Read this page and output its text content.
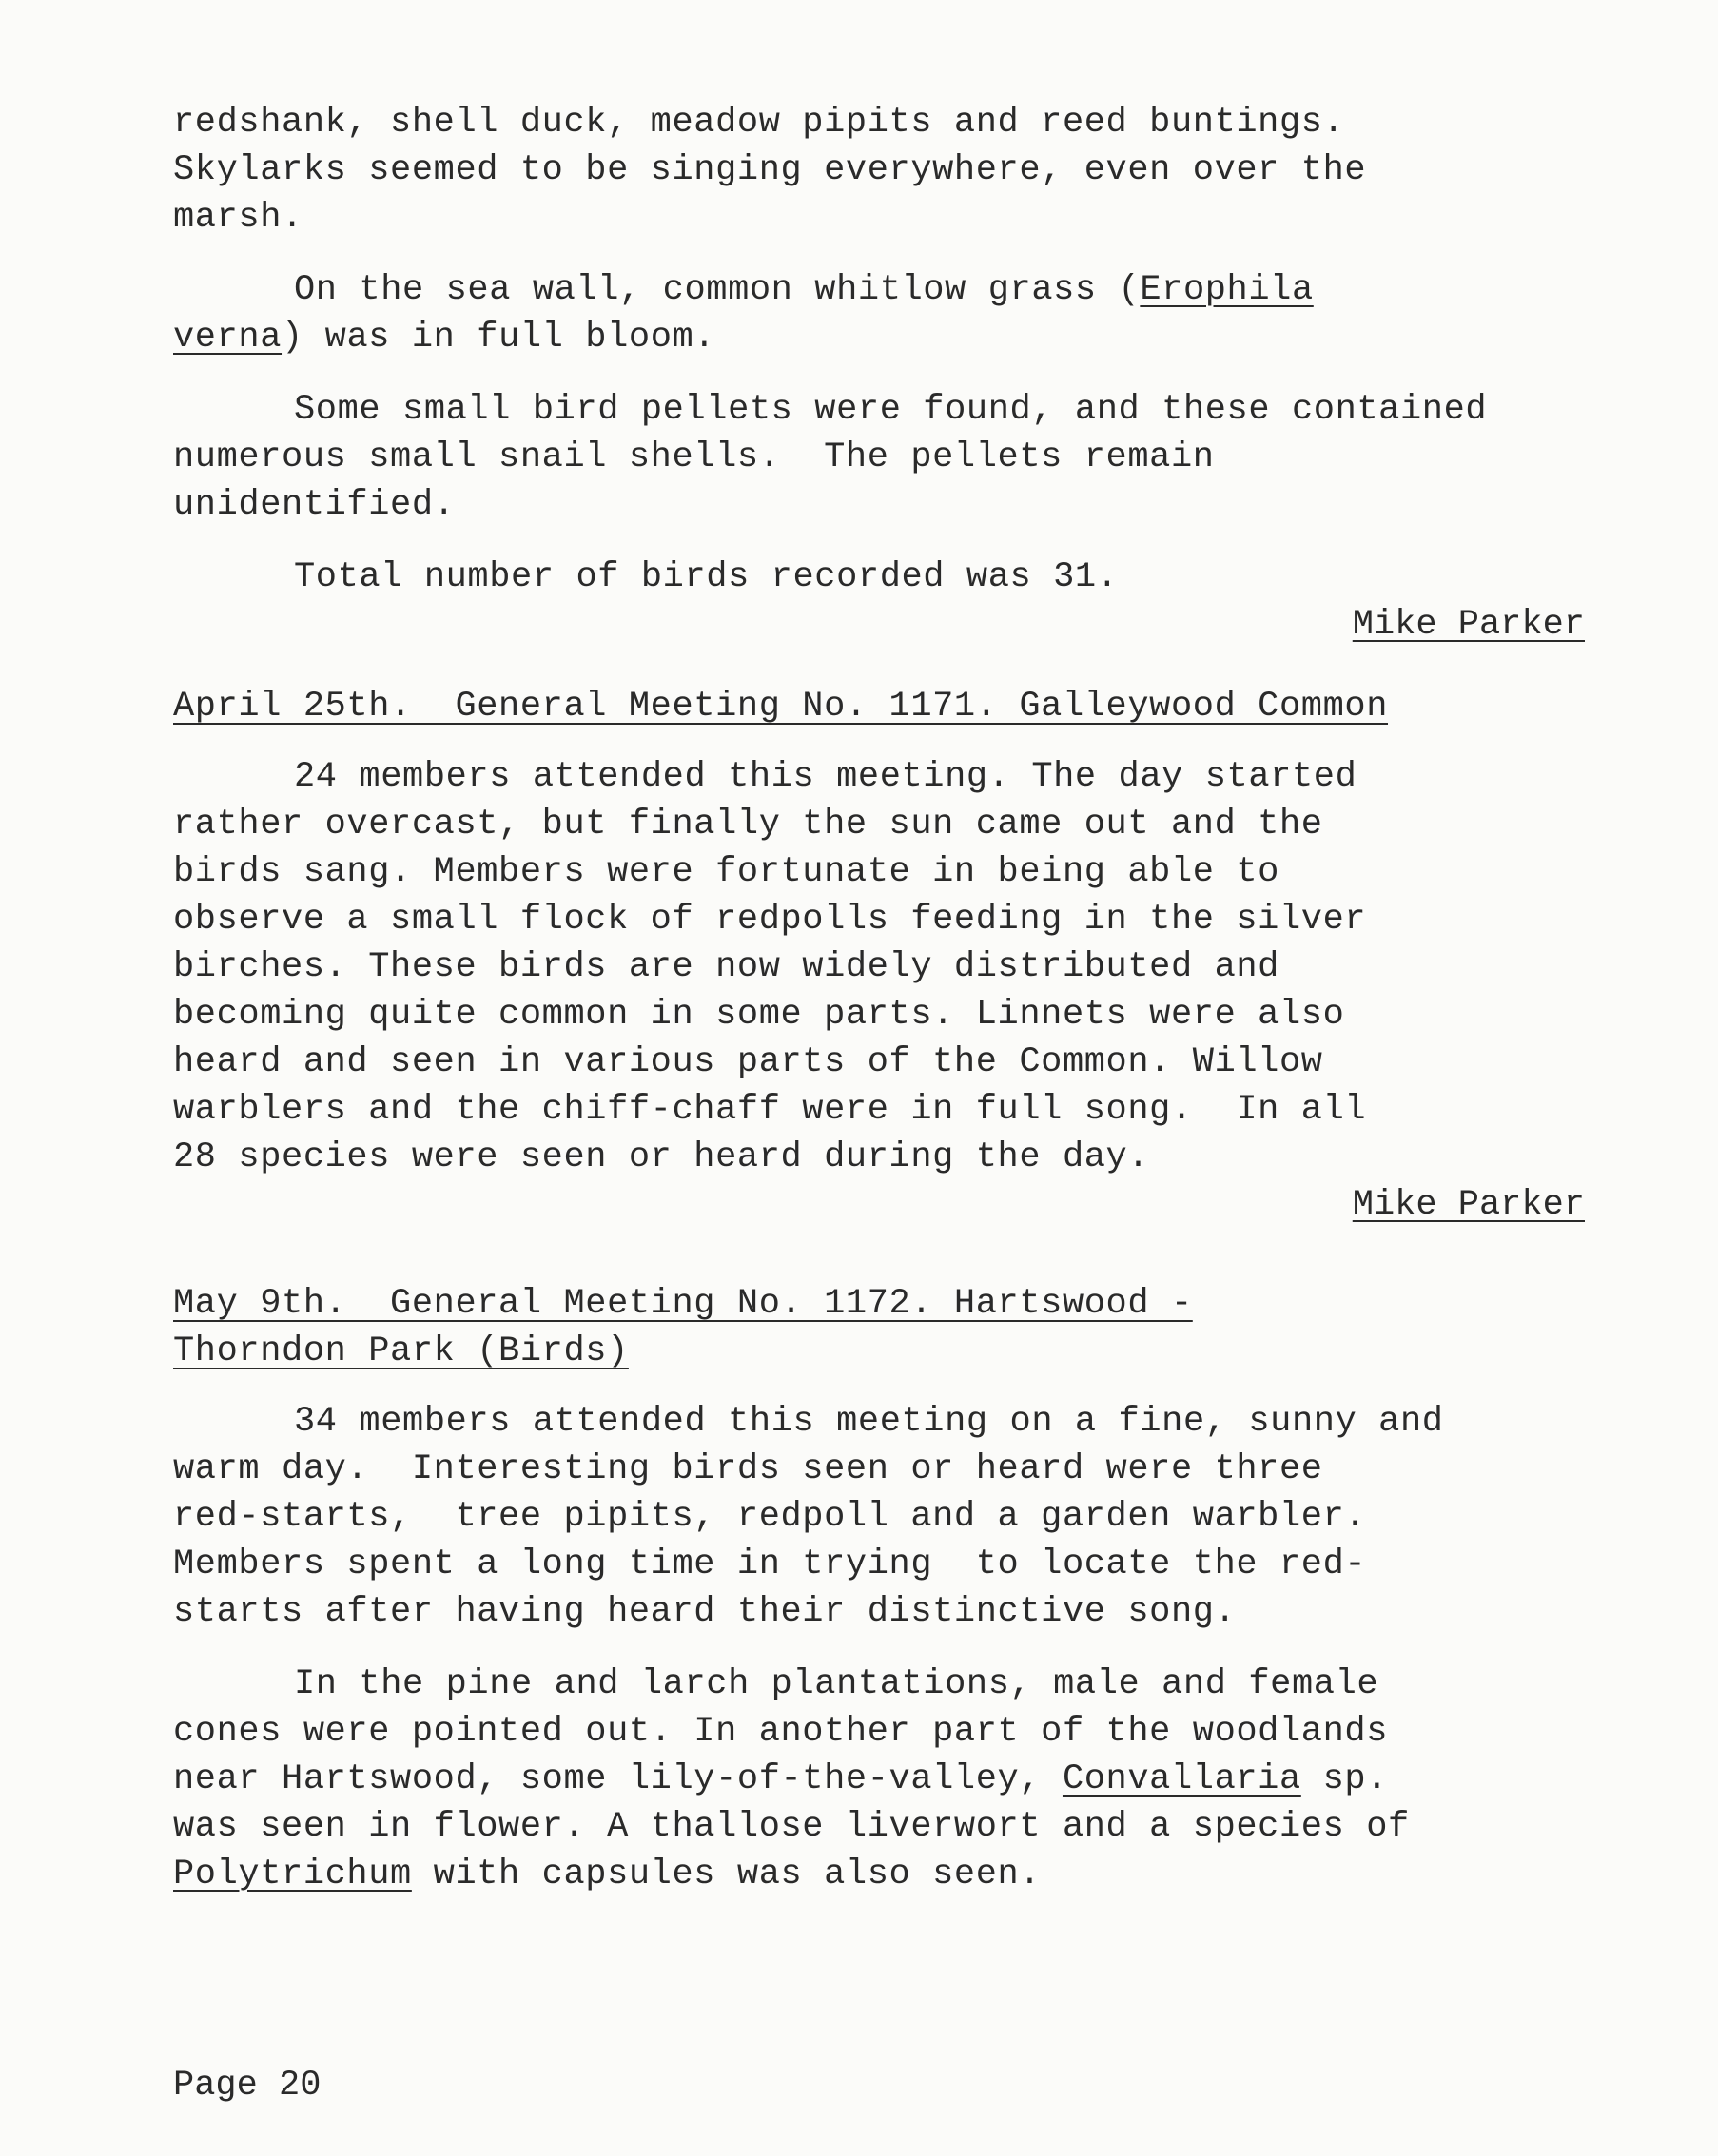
redshank, shell duck, meadow pipits and reed buntings.
Skylarks seemed to be singing everywhere, even over the
marsh.
On the sea wall, common whitlow grass (Erophila
verna) was in full bloom.
Some small bird pellets were found, and these contained
numerous small snail shells.  The pellets remain
unidentified.
Total number of birds recorded was 31.
Mike Parker
April 25th.  General Meeting No. 1171. Galleywood Common
24 members attended this meeting. The day started
rather overcast, but finally the sun came out and the
birds sang. Members were fortunate in being able to
observe a small flock of redpolls feeding in the silver
birches. These birds are now widely distributed and
becoming quite common in some parts. Linnets were also
heard and seen in various parts of the Common. Willow
warblers and the chiff-chaff were in full song.  In all
28 species were seen or heard during the day.
Mike Parker
May 9th.  General Meeting No. 1172. Hartswood -
Thorndon Park (Birds)
34 members attended this meeting on a fine, sunny and
warm day.  Interesting birds seen or heard were three
red-starts,  tree pipits, redpoll and a garden warbler.
Members spent a long time in trying  to locate the red-
starts after having heard their distinctive song.
In the pine and larch plantations, male and female
cones were pointed out. In another part of the woodlands
near Hartswood, some lily-of-the-valley, Convallaria sp.
was seen in flower. A thallose liverwort and a species of
Polytrichum with capsules was also seen.
Page 20
